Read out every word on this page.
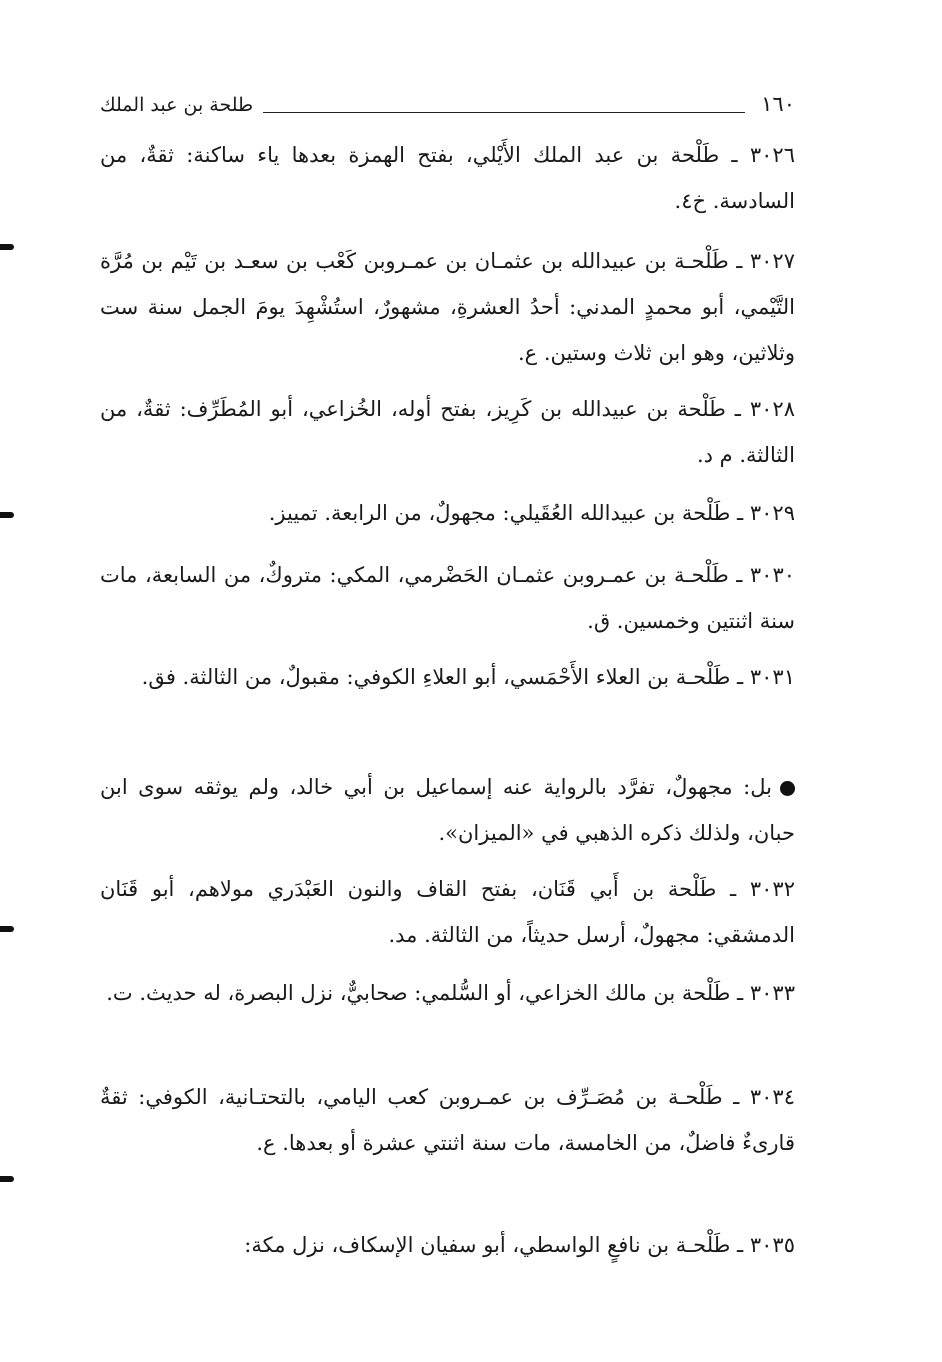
طلحة بن عبد الملك	١٦٠

٣٠٢٦ ـ طَلْحة بن عبد الملك الأَيْلي، بفتح الهمزة بعدها ياء ساكنة: ثقةٌ، من السادسة. خ٤.

٣٠٢٧ ـ طَلْحـة بن عبيدالله بن عثمـان بن عمـروبن كَعْب بن سعـد بن تَيْم بن مُرَّة التَّيْمي، أبو محمدٍ المدني: أحدُ العشرةِ، مشهورٌ، استُشْهِدَ يومَ الجمل سنة ست وثلاثين، وهو ابن ثلاث وستين. ع.

٣٠٢٨ ـ طَلْحة بن عبيدالله بن كَرِيز، بفتح أوله، الخُزاعي، أبو المُطَرِّف: ثقةٌ، من الثالثة. م د.

٣٠٢٩ ـ طَلْحة بن عبيدالله العُقَيلي: مجهولٌ، من الرابعة. تمييز.

٣٠٣٠ ـ طَلْحـة بن عمـروبن عثمـان الحَضْرمي، المكي: متروكٌ، من السابعة، مات سنة اثنتين وخمسين. ق.

٣٠٣١ ـ طَلْحـة بن العلاء الأَحْمَسي، أبو العلاءِ الكوفي: مقبولٌ، من الثالثة. فق.

بل: مجهولٌ، تفرَّد بالرواية عنه إسماعيل بن أبي خالد، ولم يوثقه سوى ابن حبان، ولذلك ذكره الذهبي في «الميزان».

٣٠٣٢ ـ طَلْحة بن أَبي قَنَان، بفتح القاف والنون العَبْدَري مولاهم، أبو قَنَان الدمشقي: مجهولٌ، أرسل حديثاً، من الثالثة. مد.

٣٠٣٣ ـ طَلْحة بن مالك الخزاعي، أو السُّلمي: صحابيٌّ، نزل البصرة، له حديث. ت.

٣٠٣٤ ـ طَلْحـة بن مُصَـرِّف بن عمـروبن كعب اليامي، بالتحتـانية، الكوفي: ثقةٌ قارىءٌ فاضلٌ، من الخامسة، مات سنة اثنتي عشرة أو بعدها. ع.

٣٠٣٥ ـ طَلْحـة بن نافعٍ الواسطي، أبو سفيان الإسكاف، نزل مكة:
